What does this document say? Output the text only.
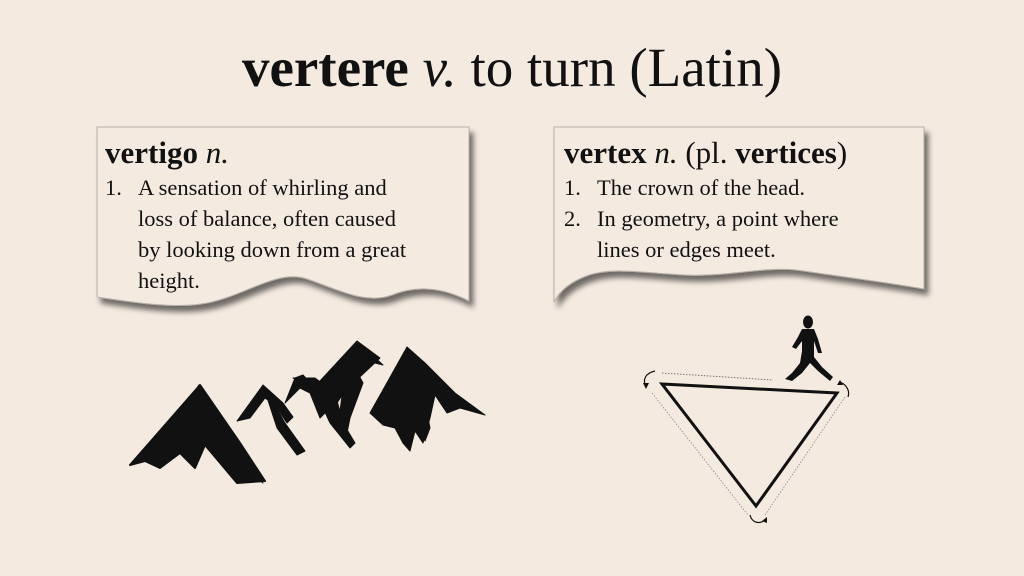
vertere v. to turn (Latin)
vertigo n.
1. A sensation of whirling and
loss of balance, often caused
by looking down from a great
height.
vertex n. (pl. vertices)
1. The crown of the head.
2. In geometry, a point where
lines or edges meet.
